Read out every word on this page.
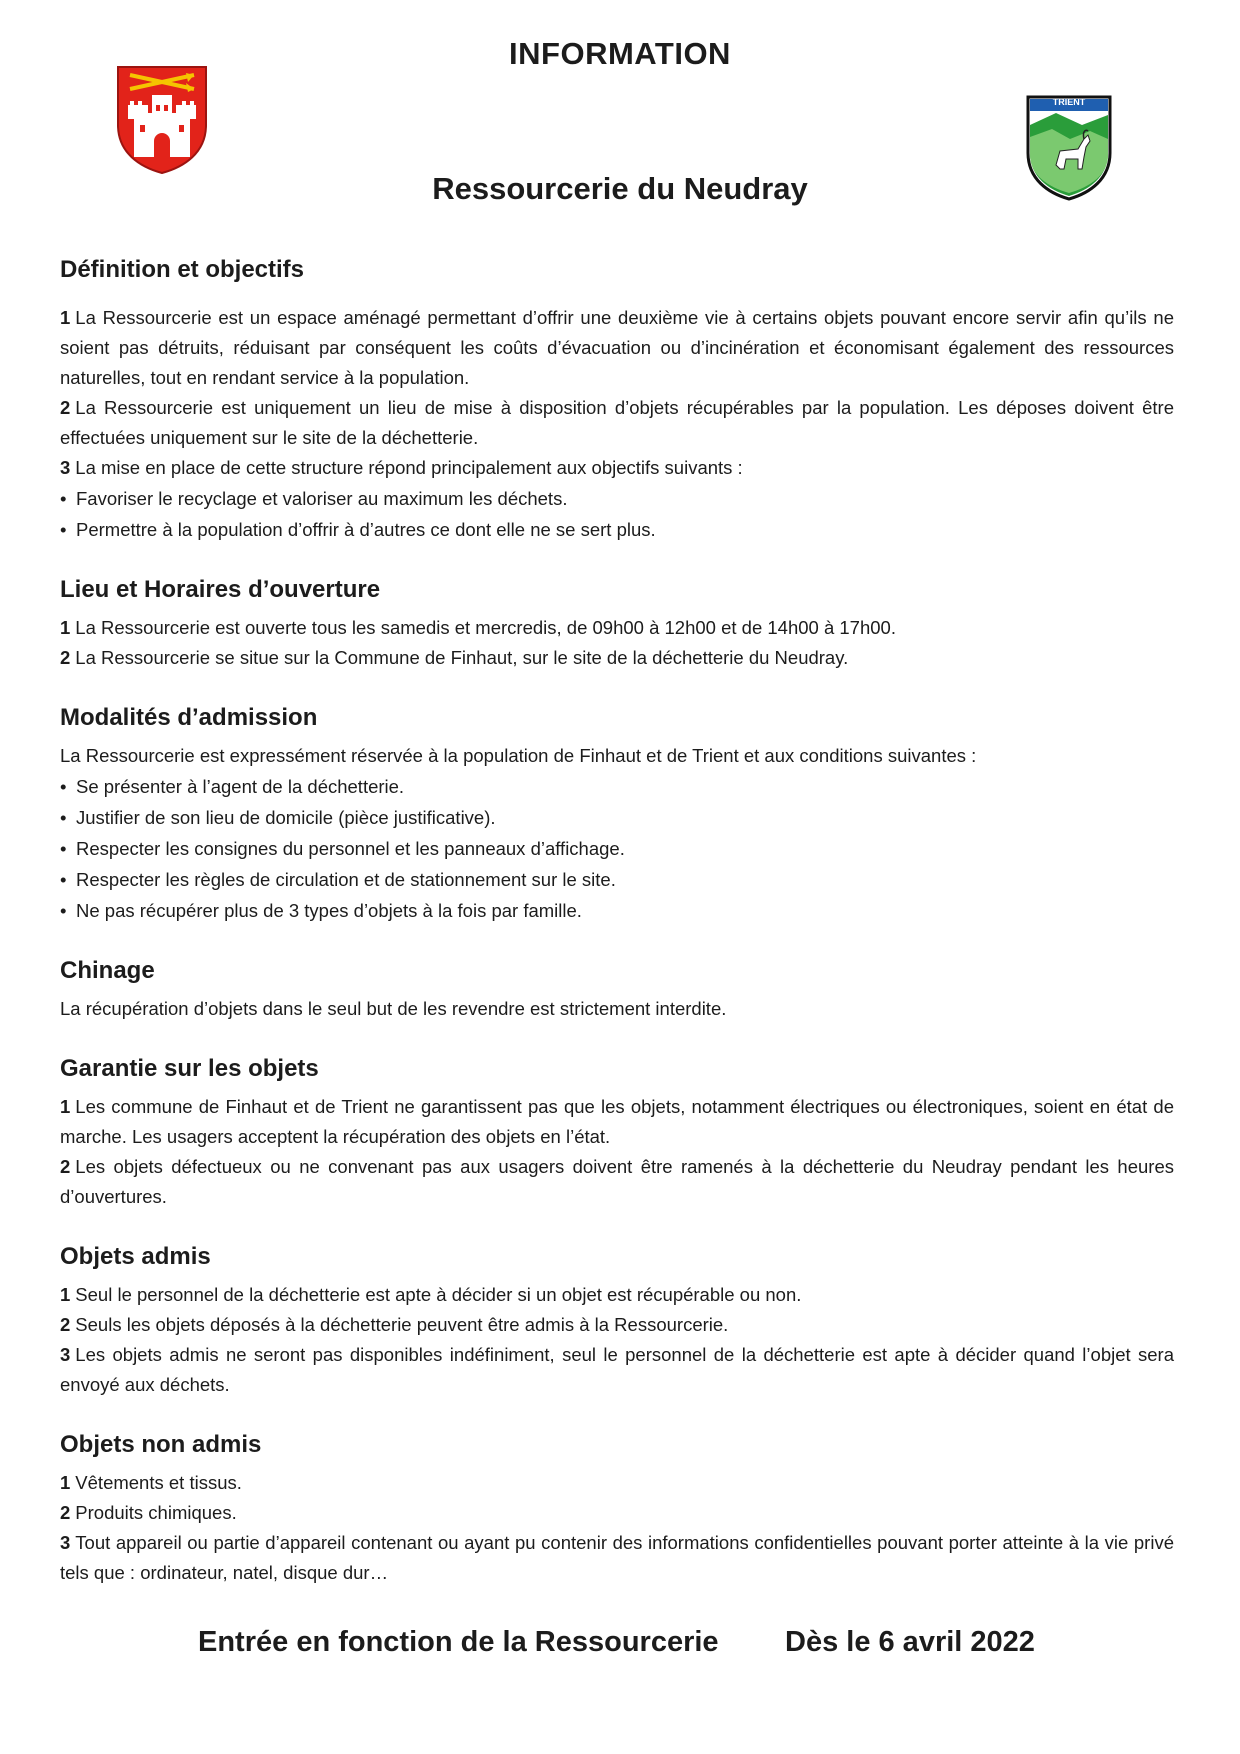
INFORMATION
TRIENT
Ressourcerie du Neudray
Définition et objectifs

1 La Ressourcerie est un espace aménagé permettant d’offrir une deuxième vie à certains objets pouvant encore servir afin qu’ils ne soient pas détruits, réduisant par conséquent les coûts d’évacuation ou d’incinération et économisant également des ressources naturelles, tout en rendant service à la population.

2 La Ressourcerie est uniquement un lieu de mise à disposition d’objets récupérables par la population. Les déposes doivent être effectuées uniquement sur le site de la déchetterie.

3 La mise en place de cette structure répond principalement aux objectifs suivants :

• Favoriser le recyclage et valoriser au maximum les déchets.

• Permettre à la population d’offrir à d’autres ce dont elle ne se sert plus.

Lieu et Horaires d’ouverture

1 La Ressourcerie est ouverte tous les samedis et mercredis, de 09h00 à 12h00 et de 14h00 à 17h00.

2 La Ressourcerie se situe sur la Commune de Finhaut, sur le site de la déchetterie du Neudray.

Modalités d’admission

La Ressourcerie est expressément réservée à la population de Finhaut et de Trient et aux conditions suivantes :

• Se présenter à l’agent de la déchetterie.

• Justifier de son lieu de domicile (pièce justificative).

• Respecter les consignes du personnel et les panneaux d’affichage.

• Respecter les règles de circulation et de stationnement sur le site.

• Ne pas récupérer plus de 3 types d’objets à la fois par famille.

Chinage

La récupération d’objets dans le seul but de les revendre est strictement interdite.

Garantie sur les objets

1 Les commune de Finhaut et de Trient ne garantissent pas que les objets, notamment électriques ou électroniques, soient en état de marche. Les usagers acceptent la récupération des objets en l’état.

2 Les objets défectueux ou ne convenant pas aux usagers doivent être ramenés à la déchetterie du Neudray pendant les heures d’ouvertures.

Objets admis

1 Seul le personnel de la déchetterie est apte à décider si un objet est récupérable ou non.

2 Seuls les objets déposés à la déchetterie peuvent être admis à la Ressourcerie.

3 Les objets admis ne seront pas disponibles indéfiniment, seul le personnel de la déchetterie est apte à décider quand l’objet sera envoyé aux déchets.

Objets non admis

1 Vêtements et tissus.

2 Produits chimiques.

3 Tout appareil ou partie d’appareil contenant ou ayant pu contenir des informations confidentielles pouvant porter atteinte à la vie privé tels que : ordinateur, natel, disque dur…

Entrée en fonction de la Ressourcerie Dès le 6 avril 2022
